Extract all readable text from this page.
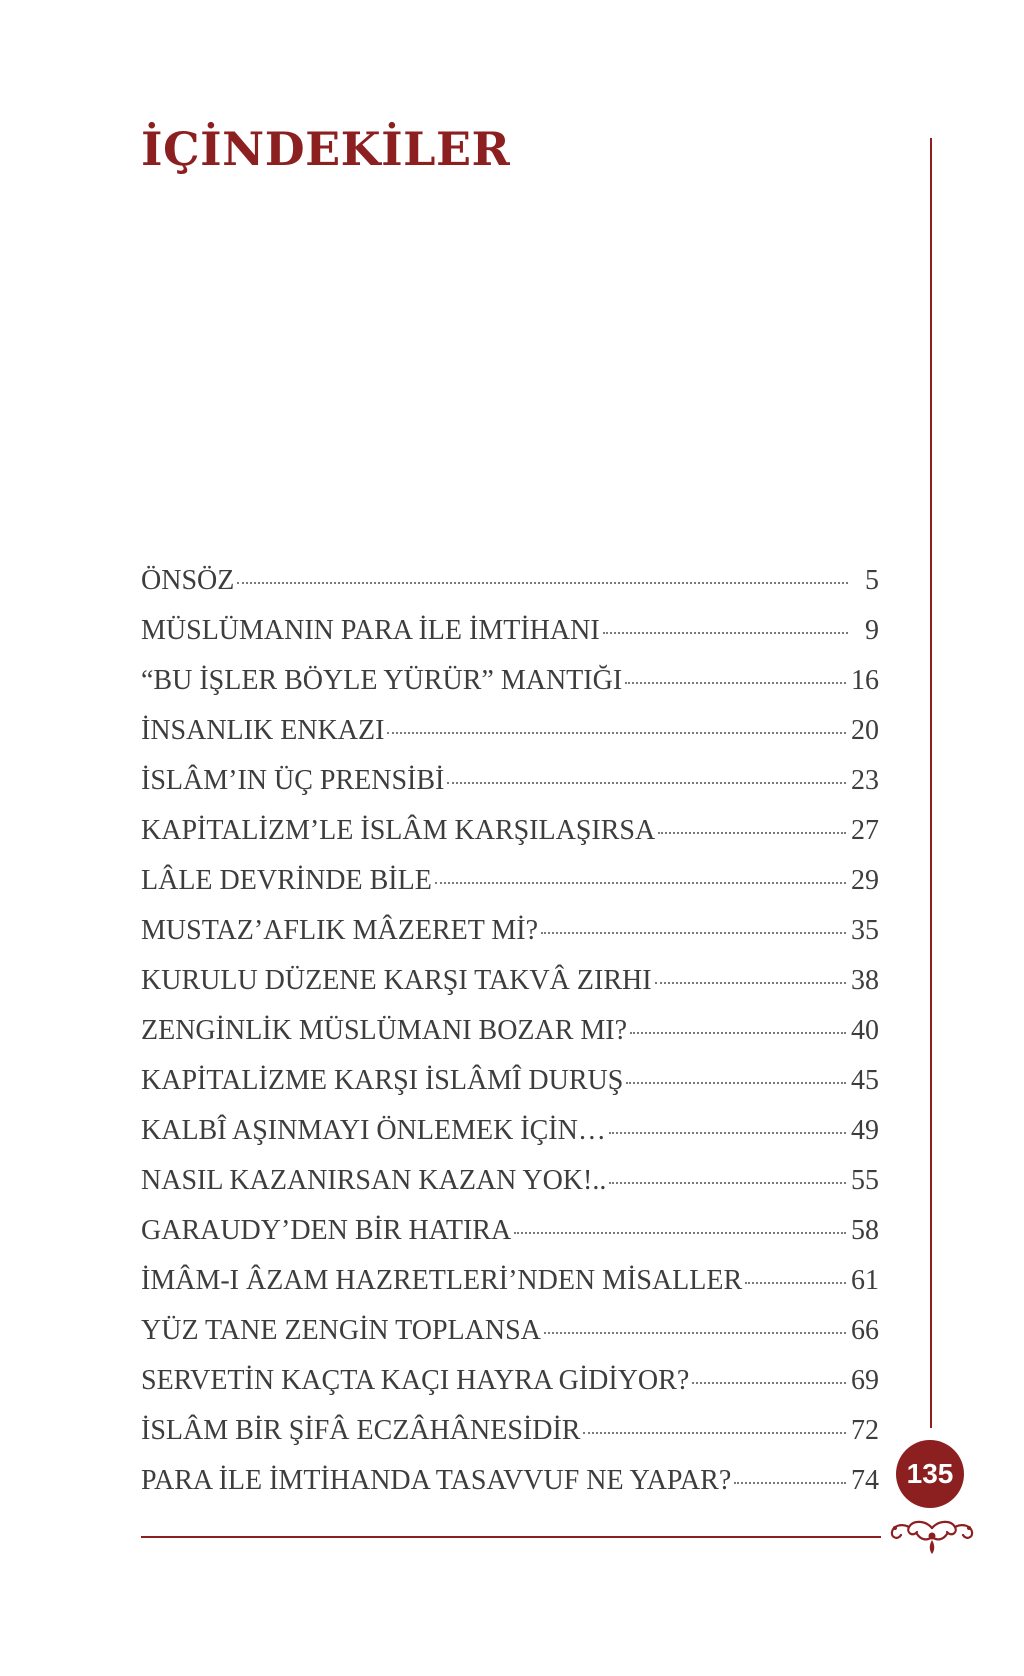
İÇİNDEKİLER
ÖNSÖZ	5
MÜSLÜMANIN PARA İLE İMTİHANI	9
“BU İŞLER BÖYLE YÜRÜR” MANTIĞI	16
İNSANLIK ENKAZI	20
İSLÂM’IN ÜÇ PRENSİBİ	23
KAPİTALİZM’LE İSLÂM KARŞILAŞIRSA	27
LÂLE DEVRİNDE BİLE	29
MUSTAZ’AFLIK MÂZERET Mİ?	35
KURULU DÜZENE KARŞI TAKVÂ ZIRHI	38
ZENGİNLİK MÜSLÜMANI BOZAR MI?	40
KAPİTALİZME KARŞI İSLÂMÎ DURUŞ	45
KALBÎ AŞINMAYI ÖNLEMEK İÇİN…	49
NASIL KAZANIRSAN KAZAN YOK!..	55
GARAUDY’DEN BİR HATIRA	58
İMÂM-I ÂZAM HAZRETLERİ’NDEN MİSALLER	61
YÜZ TANE ZENGİN TOPLANSA	66
SERVETİN KAÇTA KAÇI HAYRA GİDİYOR?	69
İSLÂM BİR ŞİFÂ ECZÂHÂNESİDİR	72
PARA İLE İMTİHANDA TASAVVUF NE YAPAR?	74 135
